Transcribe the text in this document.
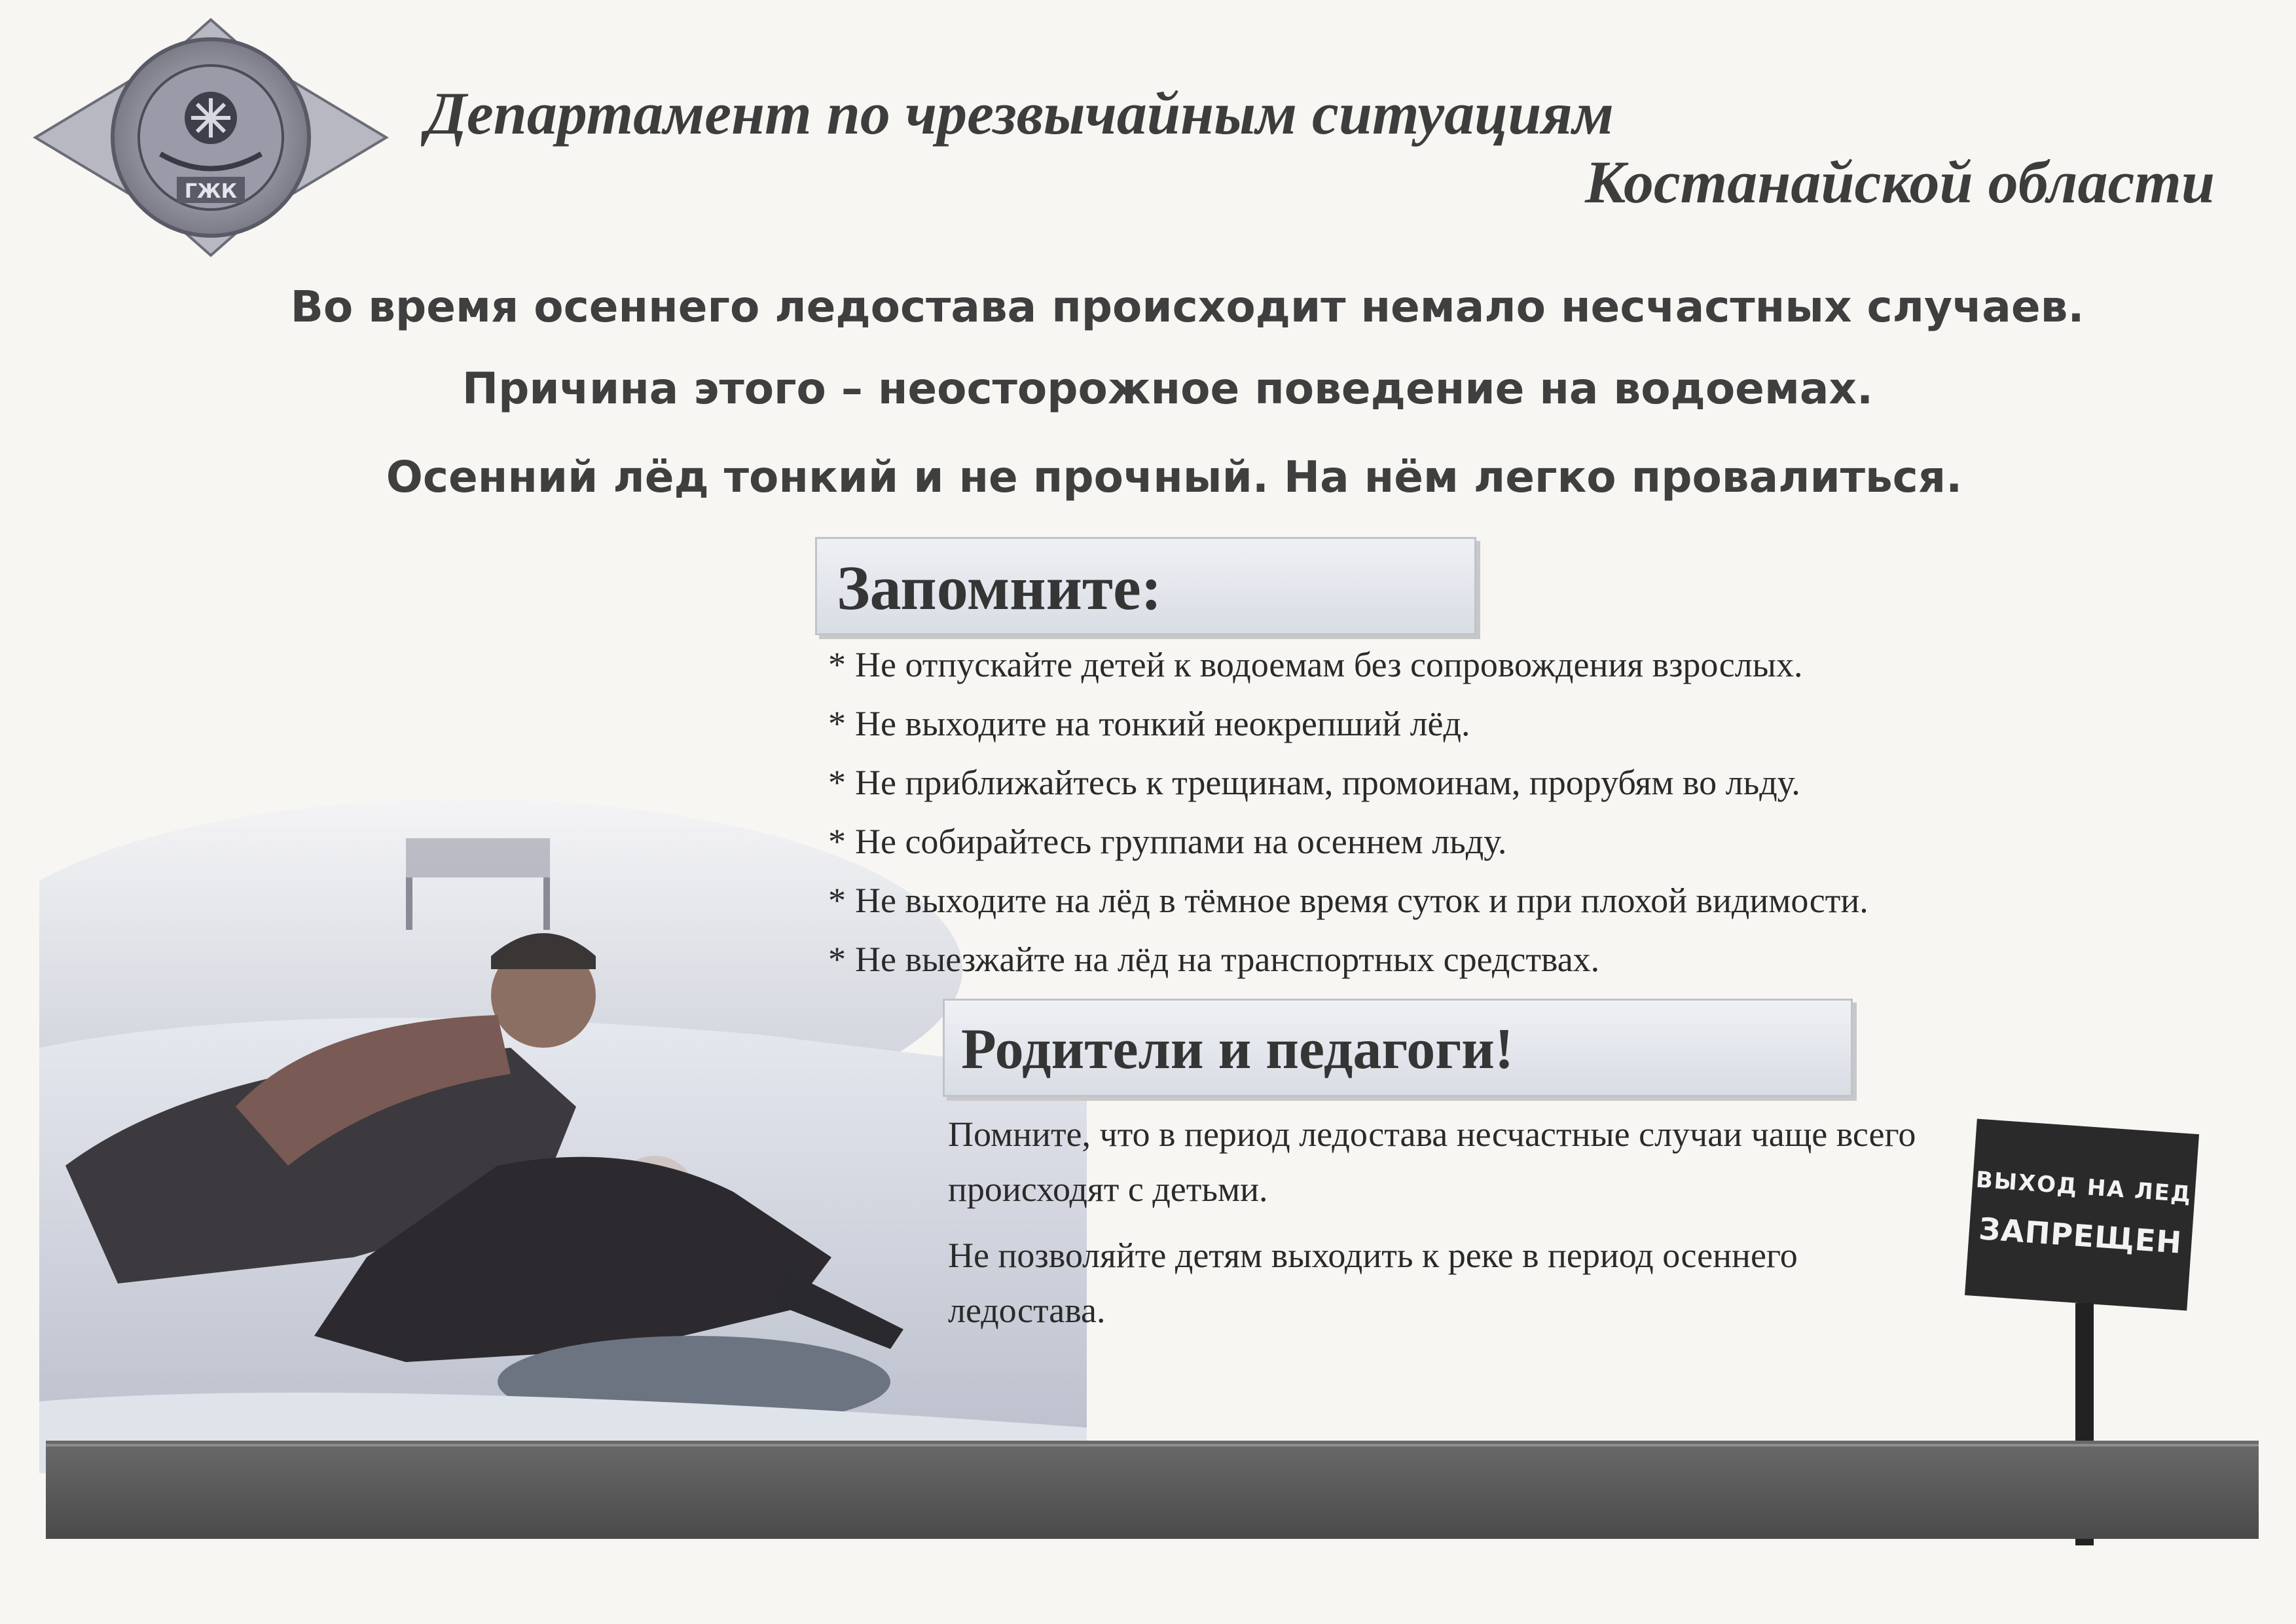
ГЖК
Департамент по чрезвычайным ситуациям
Костанайской области
Во время осеннего ледостава происходит немало несчастных случаев.
Причина этого – неосторожное поведение на водоемах.
Осенний лёд тонкий и не прочный. На нём легко провалиться.
Запомните:
* Не отпускайте детей к водоемам без сопровождения взрослых.
* Не выходите на тонкий неокрепший лёд.
* Не приближайтесь к трещинам, промоинам, прорубям во льду.
* Не собирайтесь группами на осеннем льду.
* Не выходите на лёд в тёмное время суток и при плохой видимости.
* Не выезжайте на лёд на транспортных средствах.
Родители и педагоги!
Помните, что в период ледостава несчастные случаи чаще всего происходят с детьми.
Не позволяйте детям выходить к реке в период осеннего ледостава.
ВЫХОД НА ЛЕД
ЗАПРЕЩЕН
